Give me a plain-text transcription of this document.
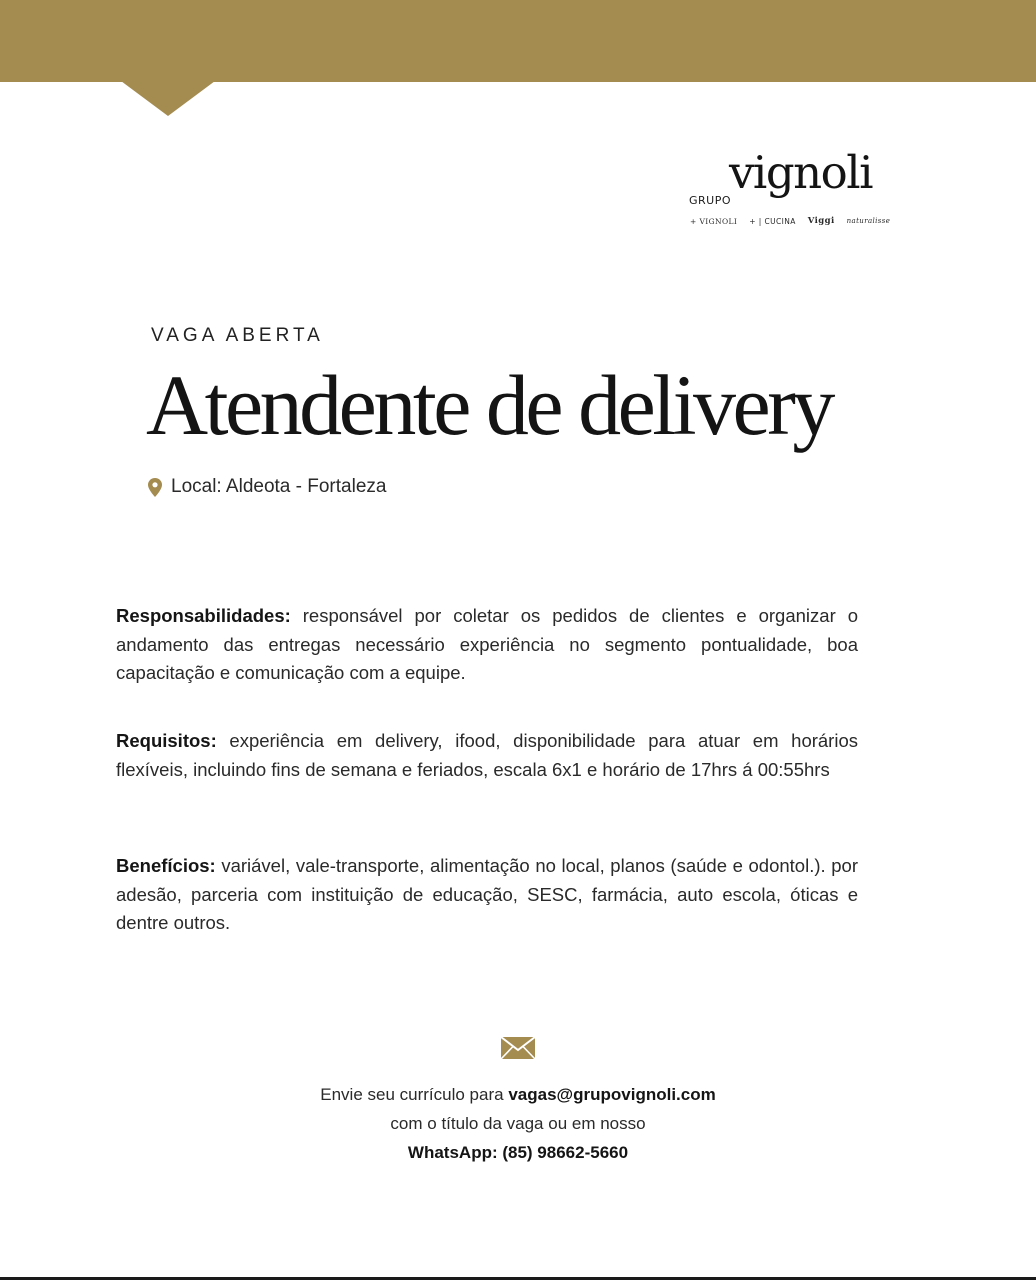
GRUPO
vignoli
+ VIGNOLI + | CUCINA Viggi naturalisse
VAGA ABERTA
Atendente de delivery
Local: Aldeota - Fortaleza
Responsabilidades: responsável por coletar os pedidos de clientes e organizar o andamento das entregas necessário experiência no segmento pontualidade, boa capacitação e comunicação com a equipe.
Requisitos: experiência em delivery, ifood, disponibilidade para atuar em horários flexíveis, incluindo fins de semana e feriados, escala 6x1 e horário de 17hrs á 00:55hrs
Benefícios: variável, vale-transporte, alimentação no local, planos (saúde e odontol.). por adesão, parceria com instituição de educação, SESC, farmácia, auto escola, óticas e dentre outros.
Envie seu currículo para vagas@grupovignoli.com
com o título da vaga ou em nosso
WhatsApp: (85) 98662-5660
